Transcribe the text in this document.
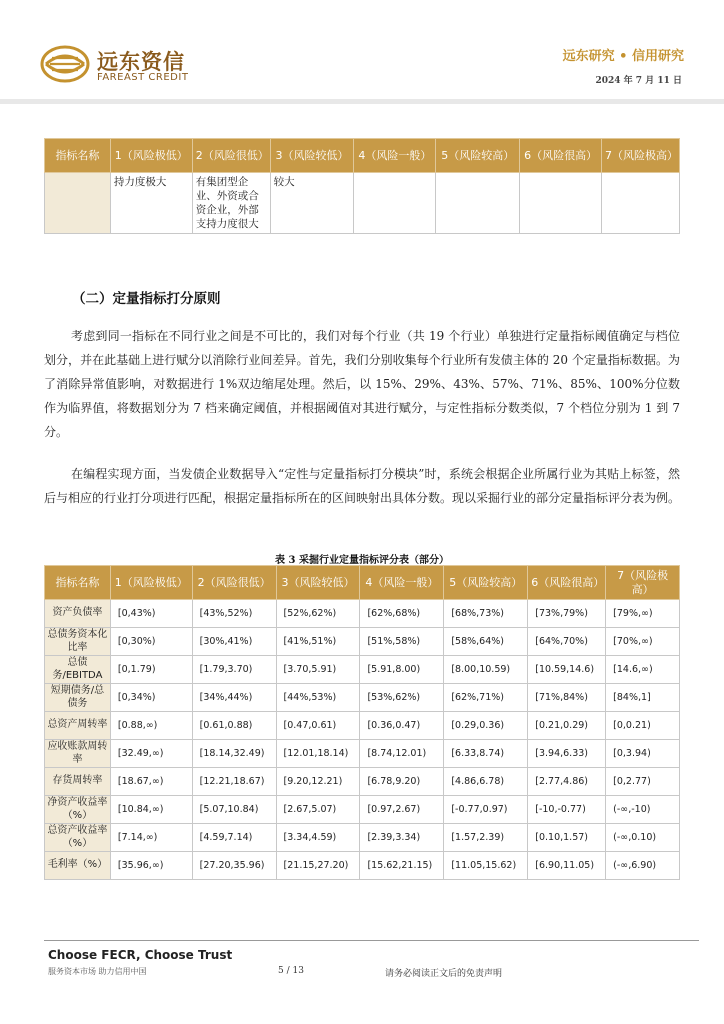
远东资信
FAREAST CREDIT
远东研究 • 信用研究
2024 年 7 月 11 日
指标名称	1（风险极低）	2（风险很低）	3（风险较低）	4（风险一般）	5（风险较高）	6（风险很高）	7（风险极高）
	持力度极大	有集团型企业、外资或合资企业，外部支持力度很大	较大				
（二）定量指标打分原则

考虑到同一指标在不同行业之间是不可比的，我们对每个行业（共 19 个行业）单独进行定量指标阈值确定与档位划分，并在此基础上进行赋分以消除行业间差异。首先，我们分别收集每个行业所有发债主体的 20 个定量指标数据。为了消除异常值影响，对数据进行 1%双边缩尾处理。然后，以 15%、29%、43%、57%、71%、85%、100%分位数作为临界值，将数据划分为 7 档来确定阈值，并根据阈值对其进行赋分，与定性指标分数类似，7 个档位分别为 1 到 7 分。

在编程实现方面，当发债企业数据导入“定性与定量指标打分模块”时，系统会根据企业所属行业为其贴上标签，然后与相应的行业打分项进行匹配，根据定量指标所在的区间映射出具体分数。现以采掘行业的部分定量指标评分表为例。

表 3 采掘行业定量指标评分表（部分）
指标名称	1（风险极低）	2（风险很低）	3（风险较低）	4（风险一般）	5（风险较高）	6（风险很高）	7（风险极高）
资产负债率	[0,43%)	[43%,52%)	[52%,62%)	[62%,68%)	[68%,73%)	[73%,79%)	[79%,∞)
总债务资本化比率	[0,30%)	[30%,41%)	[41%,51%)	[51%,58%)	[58%,64%)	[64%,70%)	[70%,∞)
总债务/EBITDA	[0,1.79)	[1.79,3.70)	[3.70,5.91)	[5.91,8.00)	[8.00,10.59)	[10.59,14.6)	[14.6,∞)
短期债务/总债务	[0,34%)	[34%,44%)	[44%,53%)	[53%,62%)	[62%,71%)	[71%,84%)	[84%,1]
总资产周转率	[0.88,∞)	[0.61,0.88)	[0.47,0.61)	[0.36,0.47)	[0.29,0.36)	[0.21,0.29)	[0,0.21)
应收账款周转率	[32.49,∞)	[18.14,32.49)	[12.01,18.14)	[8.74,12.01)	[6.33,8.74)	[3.94,6.33)	[0,3.94)
存货周转率	[18.67,∞)	[12.21,18.67)	[9.20,12.21)	[6.78,9.20)	[4.86,6.78)	[2.77,4.86)	[0,2.77)
净资产收益率（%）	[10.84,∞)	[5.07,10.84)	[2.67,5.07)	[0.97,2.67)	[-0.77,0.97)	[-10,-0.77)	(-∞,-10)
总资产收益率（%）	[7.14,∞)	[4.59,7.14)	[3.34,4.59)	[2.39,3.34)	[1.57,2.39)	[0.10,1.57)	(-∞,0.10)
毛利率（%）	[35.96,∞)	[27.20,35.96)	[21.15,27.20)	[15.62,21.15)	[11.05,15.62)	[6.90,11.05)	(-∞,6.90)
Choose FECR, Choose Trust
服务资本市场 助力信用中国	5 / 13	请务必阅读正文后的免责声明
